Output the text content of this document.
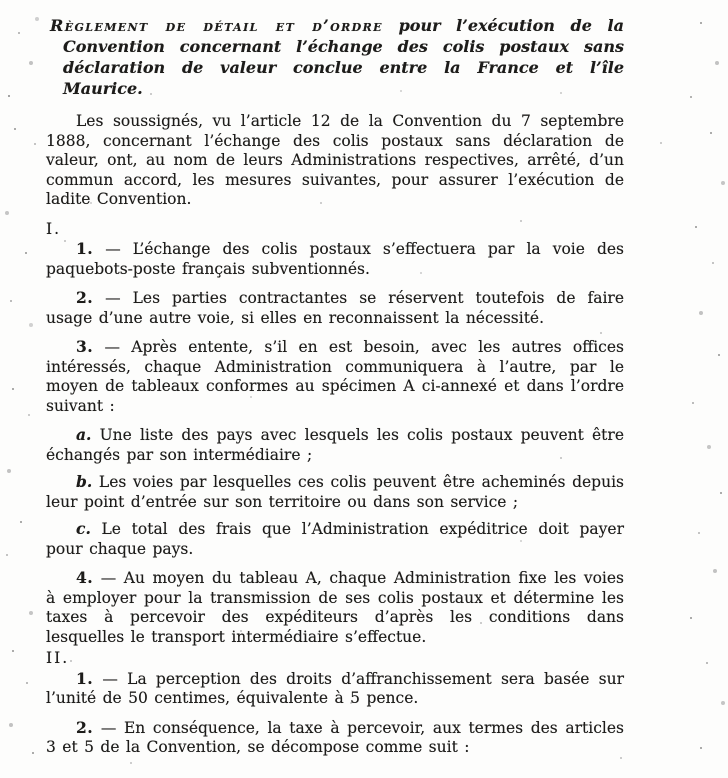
Règlement de détail et d’ordre pour l’exécution de la Convention concernant l’échange des colis postaux sans déclaration de valeur conclue entre la France et l’île Maurice.

Les soussignés, vu l’article 12 de la Convention du 7 septembre 1888, concernant l’échange des colis postaux sans déclaration de valeur, ont, au nom de leurs Administrations respectives, arrêté, d’un commun accord, les mesures suivantes, pour assurer l’exécution de ladite Convention.

I.

1. — L’échange des colis postaux s’effectuera par la voie des paquebots-poste français subventionnés.

2. — Les parties contractantes se réservent toutefois de faire usage d’une autre voie, si elles en reconnaissent la nécessité.

3. — Après entente, s’il en est besoin, avec les autres offices intéressés, chaque Administration communiquera à l’autre, par le moyen de tableaux conformes au spécimen A ci-annexé et dans l’ordre suivant :

a. Une liste des pays avec lesquels les colis postaux peuvent être échangés par son intermédiaire ;

b. Les voies par lesquelles ces colis peuvent être acheminés depuis leur point d’entrée sur son territoire ou dans son service ;

c. Le total des frais que l’Administration expéditrice doit payer pour chaque pays.

4. — Au moyen du tableau A, chaque Administration fixe les voies à employer pour la transmission de ses colis postaux et détermine les taxes à percevoir des expéditeurs d’après les conditions dans lesquelles le transport intermédiaire s’effectue.

II.

1. — La perception des droits d’affranchissement sera basée sur l’unité de 50 centimes, équivalente à 5 pence.

2. — En conséquence, la taxe à percevoir, aux termes des articles 3 et 5 de la Convention, se décompose comme suit :
